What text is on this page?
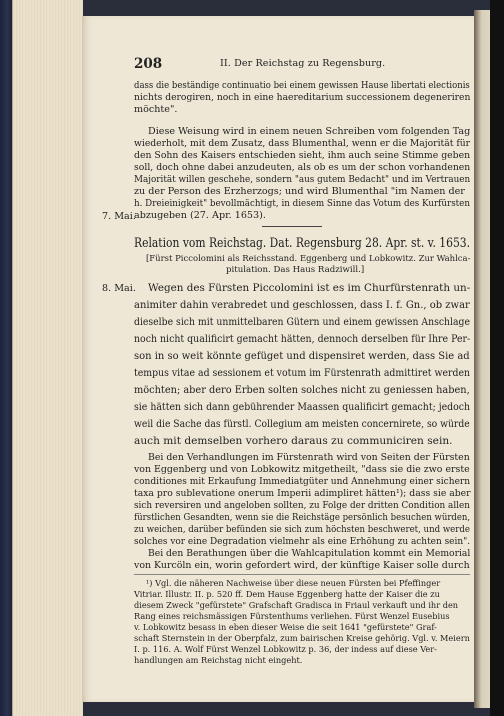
208	II. Der Reichstag zu Regensburg.
dass die beständige continuatio bei einem gewissen Hause libertati electionis
nichts derogiren, noch in eine haereditarium successionem degeneriren
möchte".
Diese Weisung wird in einem neuen Schreiben vom folgenden Tag
wiederholt, mit dem Zusatz, dass Blumenthal, wenn er die Majorität für
den Sohn des Kaisers entschieden sieht, ihm auch seine Stimme geben
soll, doch ohne dabei anzudeuten, als ob es um der schon vorhandenen
Majorität willen geschehe, sondern "aus gutem Bedacht" und im Vertrauen
zu der Person des Erzherzogs; und wird Blumenthal "im Namen der
h. Dreieinigkeit" bevollmächtigt, in diesem Sinne das Votum des Kurfürsten
abzugeben (27. Apr. 1653).
7. Mai.
Relation vom Reichstag. Dat. Regensburg 28. Apr. st. v. 1653.
[Fürst Piccolomini als Reichsstand. Eggenberg und Lobkowitz. Zur Wahlca-
pitulation. Das Haus Radziwill.]
8. Mai. Wegen des Fürsten Piccolomini ist es im Churfürstenrath un-
animiter dahin verabredet und geschlossen, dass I. f. Gn., ob zwar
dieselbe sich mit unmittelbaren Gütern und einem gewissen Anschlage
noch nicht qualificirt gemacht hätten, dennoch derselben für Ihre Per-
son in so weit könnte gefüget und dispensiret werden, dass Sie ad
tempus vitae ad sessionem et votum im Fürstenrath admittiret werden
möchten; aber dero Erben solten solches nicht zu geniessen haben,
sie hätten sich dann gebührender Maassen qualificirt gemacht; jedoch
weil die Sache das fürstl. Collegium am meisten concernirete, so würde
auch mit demselben vorhero daraus zu communiciren sein.
Bei den Verhandlungen im Fürstenrath wird von Seiten der Fürsten
von Eggenberg und von Lobkowitz mitgetheilt, "dass sie die zwo erste
conditiones mit Erkaufung Immediatgüter und Annehmung einer sichern
taxa pro sublevatione onerum Imperii adimpliret hätten¹); dass sie aber
sich reversiren und angeloben sollten, zu Folge der dritten Condition allen
fürstlichen Gesandten, wenn sie die Reichstäge persönlich besuchen würden,
zu weichen, darüber befünden sie sich zum höchsten beschweret, und werde
solches vor eine Degradation vielmehr als eine Erhöhung zu achten sein".
Bei den Berathungen über die Wahlcapitulation kommt ein Memorial
von Kurcöln ein, worin gefordert wird, der künftige Kaiser solle durch
¹) Vgl. die näheren Nachweise über diese neuen Fürsten bei Pfeffinger
Vitriar. Illustr. II. p. 520 ff. Dem Hause Eggenberg hatte der Kaiser die zu
diesem Zweck "gefürstete" Grafschaft Gradisca in Friaul verkauft und ihr den
Rang eines reichsmässigen Fürstenthums verliehen. Fürst Wenzel Eusebius
v. Lobkowitz besass in eben dieser Weise die seit 1641 "gefürstete" Graf-
schaft Sternstein in der Oberpfalz, zum bairischen Kreise gehörig. Vgl. v. Meiern
I. p. 116. A. Wolf Fürst Wenzel Lobkowitz p. 36, der indess auf diese Ver-
handlungen am Reichstag nicht eingeht.
